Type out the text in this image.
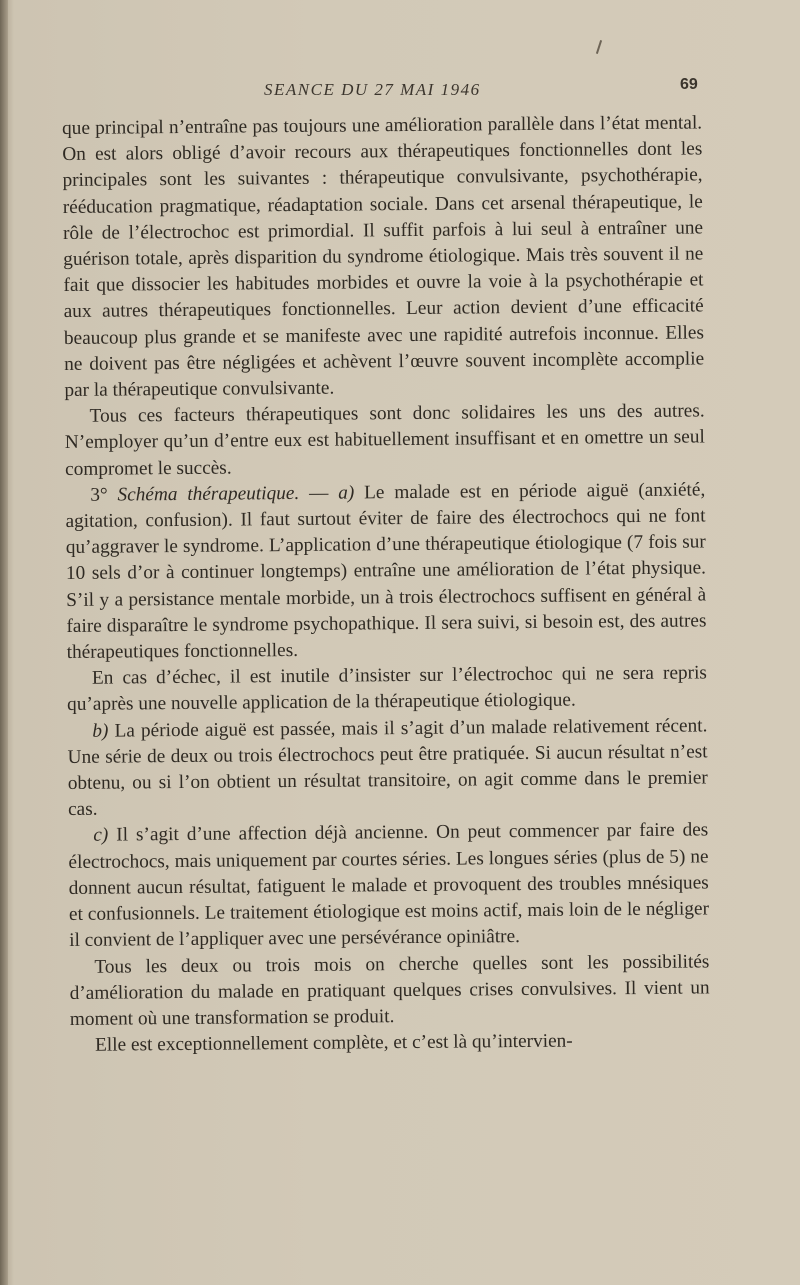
SEANCE DU 27 MAI 1946	69

que principal n’entraîne pas toujours une amélioration parallèle dans l’état mental. On est alors obligé d’avoir recours aux thérapeutiques fonctionnelles dont les principales sont les suivantes : thérapeutique convulsivante, psychothérapie, rééducation pragmatique, réadaptation sociale. Dans cet arsenal thérapeutique, le rôle de l’électrochoc est primordial. Il suffit parfois à lui seul à entraîner une guérison totale, après disparition du syndrome étiologique. Mais très souvent il ne fait que dissocier les habitudes morbides et ouvre la voie à la psychothérapie et aux autres thérapeutiques fonctionnelles. Leur action devient d’une efficacité beaucoup plus grande et se manifeste avec une rapidité autrefois inconnue. Elles ne doivent pas être négligées et achèvent l’œuvre souvent incomplète accomplie par la thérapeutique convulsivante.

Tous ces facteurs thérapeutiques sont donc solidaires les uns des autres. N’employer qu’un d’entre eux est habituellement insuffisant et en omettre un seul compromet le succès.

3° Schéma thérapeutique. — a) Le malade est en période aiguë (anxiété, agitation, confusion). Il faut surtout éviter de faire des électrochocs qui ne font qu’aggraver le syndrome. L’application d’une thérapeutique étiologique (7 fois sur 10 sels d’or à continuer longtemps) entraîne une amélioration de l’état physique. S’il y a persistance mentale morbide, un à trois électrochocs suffisent en général à faire disparaître le syndrome psychopathique. Il sera suivi, si besoin est, des autres thérapeutiques fonctionnelles.

En cas d’échec, il est inutile d’insister sur l’électrochoc qui ne sera repris qu’après une nouvelle application de la thérapeutique étiologique.

b) La période aiguë est passée, mais il s’agit d’un malade relativement récent. Une série de deux ou trois électrochocs peut être pratiquée. Si aucun résultat n’est obtenu, ou si l’on obtient un résultat transitoire, on agit comme dans le premier cas.

c) Il s’agit d’une affection déjà ancienne. On peut commencer par faire des électrochocs, mais uniquement par courtes séries. Les longues séries (plus de 5) ne donnent aucun résultat, fatiguent le malade et provoquent des troubles mnésiques et confusionnels. Le traitement étiologique est moins actif, mais loin de le négliger il convient de l’appliquer avec une persévérance opiniâtre.

Tous les deux ou trois mois on cherche quelles sont les possibilités d’amélioration du malade en pratiquant quelques crises convulsives. Il vient un moment où une transformation se produit.

Elle est exceptionnellement complète, et c’est là qu’intervien-
